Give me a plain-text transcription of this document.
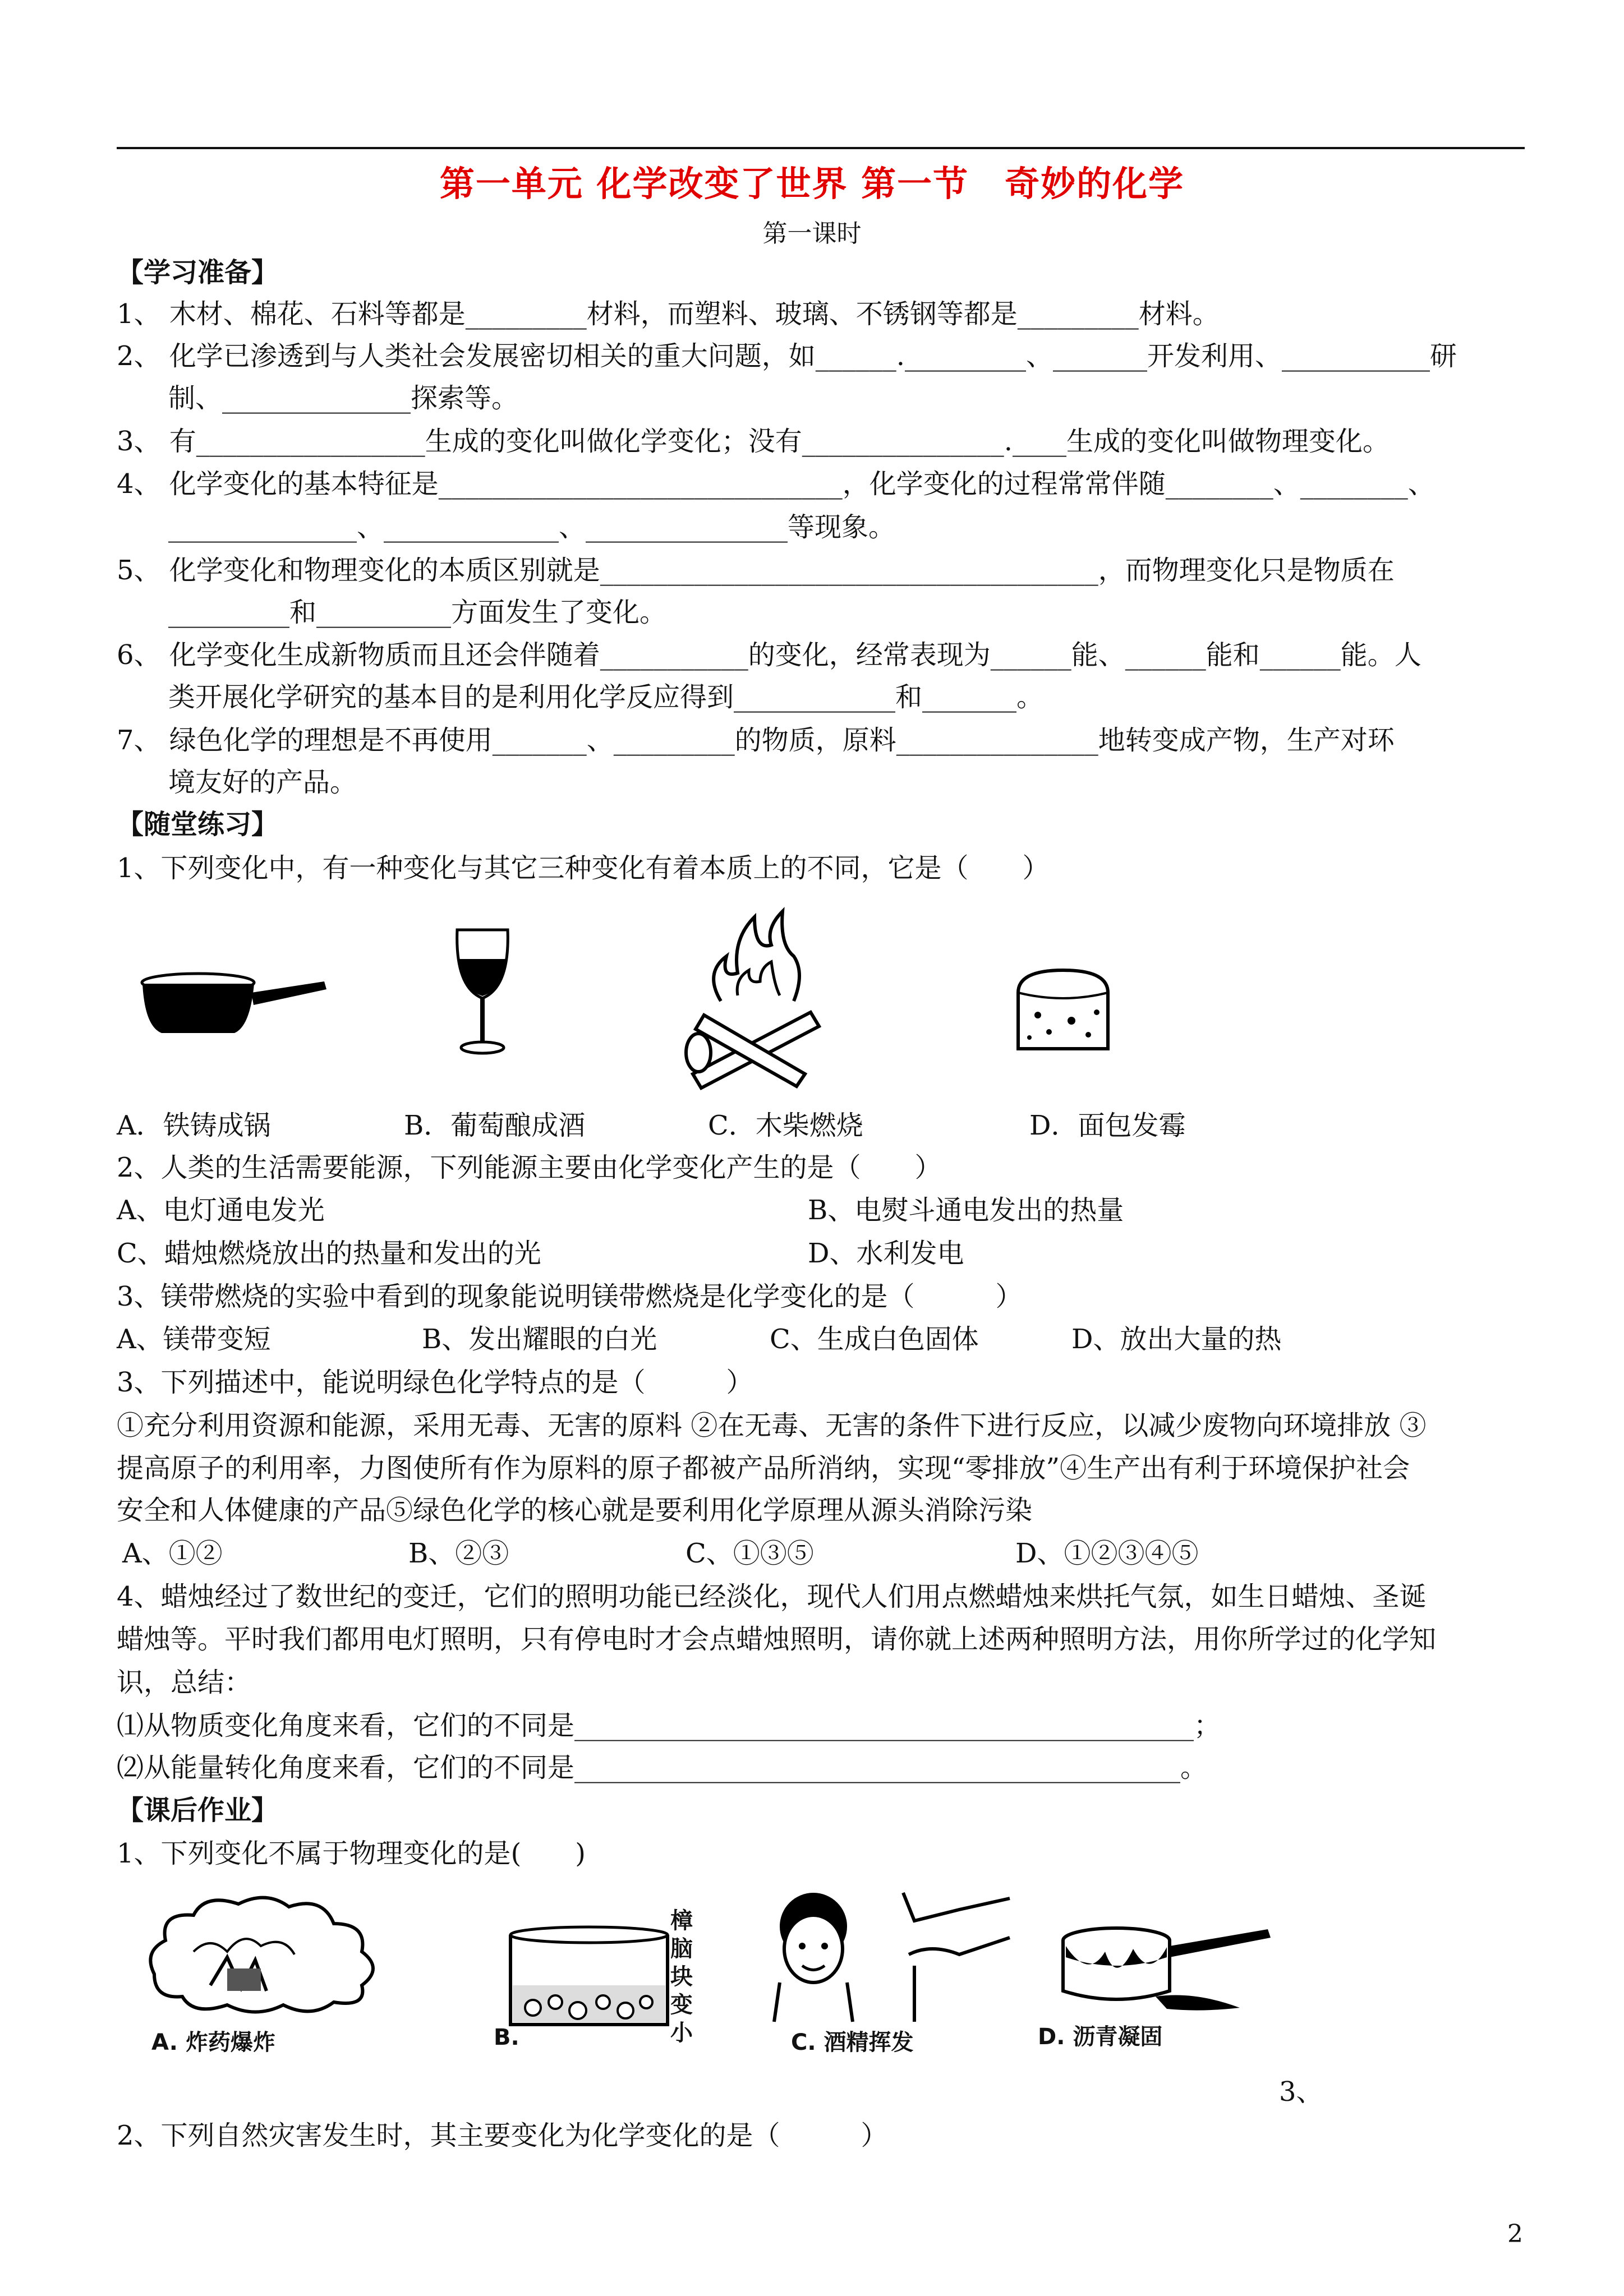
第一单元 化学改变了世界 第一节　奇妙的化学
第一课时
【学习准备】
1、 木材、棉花、石料等都是_________材料，而塑料、玻璃、不锈钢等都是_________材料。
2、 化学已渗透到与人类社会发展密切相关的重大问题，如______._________、_______开发利用、___________研
制、______________探索等。
3、 有_________________生成的变化叫做化学变化；没有_______________.____生成的变化叫做物理变化。
4、 化学变化的基本特征是______________________________，化学变化的过程常常伴随________、________、
______________、_____________、_______________等现象。
5、 化学变化和物理变化的本质区别就是_____________________________________，而物理变化只是物质在
_________和__________方面发生了变化。
6、 化学变化生成新物质而且还会伴随着___________的变化，经常表现为______能、______能和______能。人
类开展化学研究的基本目的是利用化学反应得到____________和_______。
7、 绿色化学的理想是不再使用_______、_________的物质，原料_______________地转变成产物，生产对环
境友好的产品。
【随堂练习】
1、下列变化中，有一种变化与其它三种变化有着本质上的不同，它是（　　）
A．铁铸成锅	B．葡萄酿成酒	C．木柴燃烧	D．面包发霉
2、人类的生活需要能源，下列能源主要由化学变化产生的是（　　）
A、电灯通电发光	B、电熨斗通电发出的热量
C、蜡烛燃烧放出的热量和发出的光	D、水利发电
3、镁带燃烧的实验中看到的现象能说明镁带燃烧是化学变化的是（　　　）
A、镁带变短	B、发出耀眼的白光	C、生成白色固体	D、放出大量的热
3、下列描述中，能说明绿色化学特点的是（　　　）
①充分利用资源和能源，采用无毒、无害的原料 ②在无毒、无害的条件下进行反应，以减少废物向环境排放 ③
提高原子的利用率，力图使所有作为原料的原子都被产品所消纳，实现“零排放”④生产出有利于环境保护社会
安全和人体健康的产品⑤绿色化学的核心就是要利用化学原理从源头消除污染
A、①②	B、②③	C、①③⑤	D、①②③④⑤
4、蜡烛经过了数世纪的变迁，它们的照明功能已经淡化，现代人们用点燃蜡烛来烘托气氛，如生日蜡烛、圣诞
蜡烛等。平时我们都用电灯照明，只有停电时才会点蜡烛照明，请你就上述两种照明方法，用你所学过的化学知
识，总结：
⑴从物质变化角度来看，它们的不同是______________________________________________；
⑵从能量转化角度来看，它们的不同是_____________________________________________。
【课后作业】
1、下列变化不属于物理变化的是(　　)
A. 炸药爆炸	B.
樟脑块变小	C. 酒精挥发	D. 沥青凝固
3、
2、下列自然灾害发生时，其主要变化为化学变化的是（　　　）
2
